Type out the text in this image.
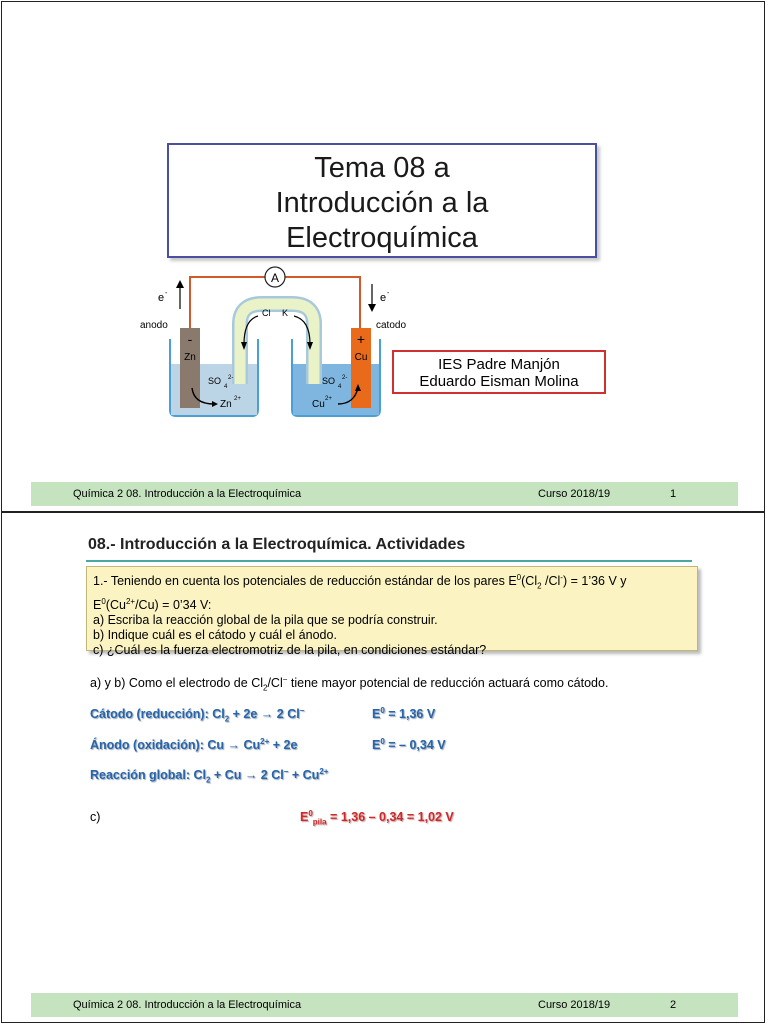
Tema 08 a
Introducción a la
Electroquímica
A
e -	e -
anodo	catodo
-
Zn
+
Cu
Cl K
SO
4
2-	SO
4
2-
Zn 2+	Cu 2+
IES Padre Manjón
Eduardo Eisman Molina
Química 2 08. Introducción a la Electroquímica	Curso 2018/19	1
08.- Introducción a la Electroquímica. Actividades

1.- Teniendo en cuenta los potenciales de reducción estándar de los pares $E^0(Cl_2$ /Cl-) = 1’36 V y

$E^0(Cu^{2+}/Cu)$ = 0’34 V:

a) Escriba la reacción global de la pila que se podría construir.

b) Indique cuál es el cátodo y cuál el ánodo.

c) ¿Cuál es la fuerza electromotriz de la pila, en condiciones estándar?

a) y b) Como el electrodo de $Cl_2/Cl^-$ tiene mayor potencial de reducción actuará como cátodo.
Cátodo (reducción): $Cl_2 + 2e \to 2$ Cl−	$E^0 = 1,36$ V
Ánodo (oxidación): $Cu \to Cu^{2+} + 2e$	$E^0$ = – 0,34 V
Reacción global: $Cl_2 + Cu \to 2$ $Cl^- + Cu^{2+}$
c)	$E^0_{pila} = 1,36 - 0,34 = 1,02$ V
Química 2 08. Introducción a la Electroquímica	Curso 2018/19	2
